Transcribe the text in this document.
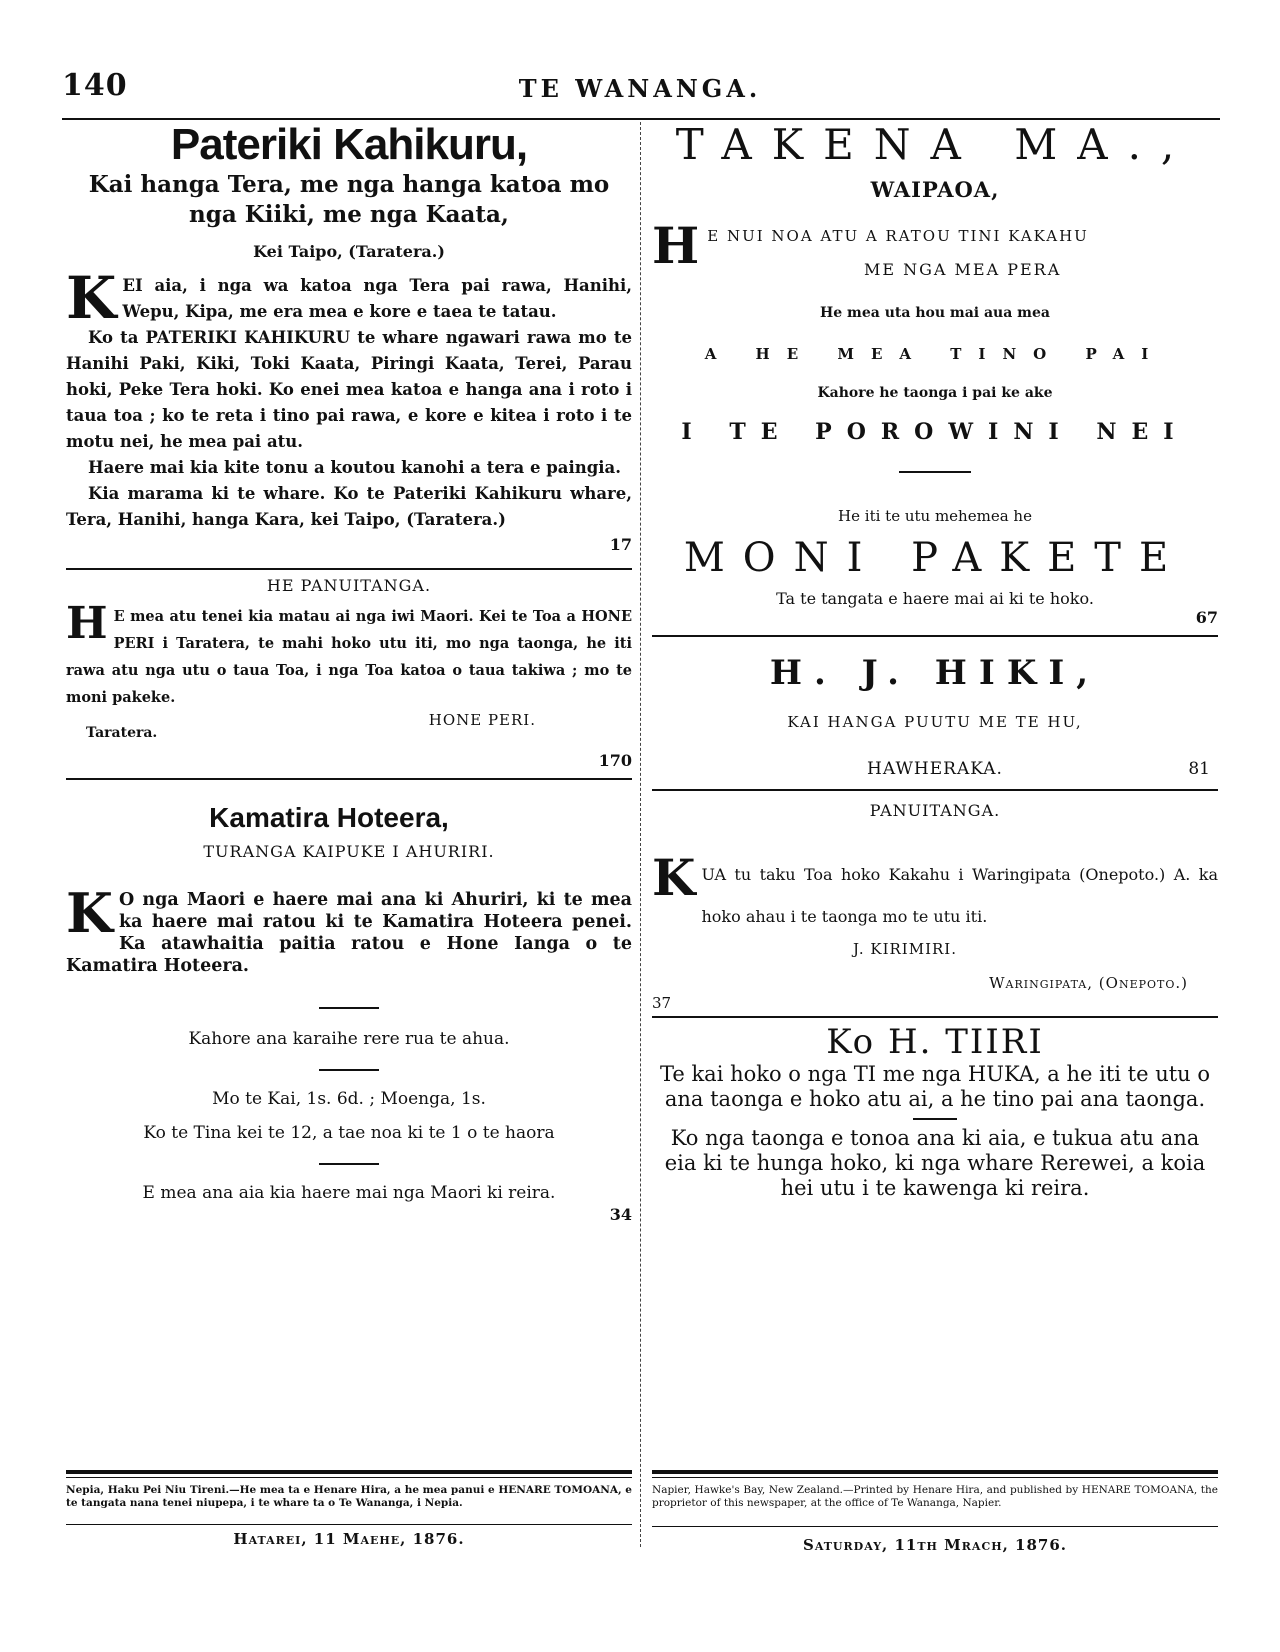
140	TE WANANGA.
Pateriki Kahikuru,
Kai hanga Tera, me nga hanga katoa mo nga Kiiki, me nga Kaata,
Kei Taipo, (Taratera.)
K EI aia, i nga wa katoa nga Tera pai rawa, Hanihi, Wepu, Kipa, me era mea e kore e taea te tatau.
Ko ta PATERIKI KAHIKURU te whare ngawari rawa mo te Hanihi Paki, Kiki, Toki Kaata, Piringi Kaata, Terei, Parau hoki, Peke Tera hoki. Ko enei mea katoa e hanga ana i roto i taua toa ; ko te reta i tino pai rawa, e kore e kitea i roto i te motu nei, he mea pai atu.
Haere mai kia kite tonu a koutou kanohi a tera e paingia.
Kia marama ki te whare. Ko te Pateriki Kahikuru whare, Tera, Hanihi, hanga Kara, kei Taipo, (Taratera.)
17
HE PANUITANGA.
H E mea atu tenei kia matau ai nga iwi Maori. Kei te Toa a HONE PERI i Taratera, te mahi hoko utu iti, mo nga taonga, he iti rawa atu nga utu o taua Toa, i nga Toa katoa o taua takiwa ; mo te moni pakeke.
HONE PERI.
Taratera.
170
Kamatira Hoteera,
TURANGA KAIPUKE I AHURIRI.
K O nga Maori e haere mai ana ki Ahuriri, ki te mea ka haere mai ratou ki te Kamatira Hoteera penei. Ka atawhaitia paitia ratou e Hone Ianga o te Kamatira Hoteera.
Kahore ana karaihe rere rua te ahua.
Mo te Kai, 1s. 6d. ; Moenga, 1s.
Ko te Tina kei te 12, a tae noa ki te 1 o te haora
E mea ana aia kia haere mai nga Maori ki reira.
34
Nepia, Haku Pei Niu Tireni.—He mea ta e Henare Hira, a he mea panui e HENARE TOMOANA, e te tangata nana tenei niupepa, i te whare ta o Te Wananga, i Nepia.
Hatarei, 11 Maehe, 1876.
TAKENA MA.,
WAIPAOA,
H E NUI NOA ATU A RATOU TINI KAKAHU
ME NGA MEA PERA
He mea uta hou mai aua mea
A HE MEA TINO PAI
Kahore he taonga i pai ke ake
I TE POROWINI NEI
He iti te utu mehemea he
MONI PAKETE
Ta te tangata e haere mai ai ki te hoko.
67
H. J. HIKI,
KAI HANGA PUUTU ME TE HU,
HAWHERAKA.	81
PANUITANGA.
K UA tu taku Toa hoko Kakahu i Waringipata (Onepoto.) A. ka hoko ahau i te taonga mo te utu iti.
J. KIRIMIRI.
Waringipata, (Onepoto.)
37
Ko H. TIIRI
Te kai hoko o nga TI me nga HUKA, a he iti te utu o ana taonga e hoko atu ai, a he tino pai ana taonga.
Ko nga taonga e tonoa ana ki aia, e tukua atu ana eia ki te hunga hoko, ki nga whare Rerewei, a koia hei utu i te kawenga ki reira.
Napier, Hawke's Bay, New Zealand.—Printed by Henare Hira, and published by HENARE TOMOANA, the proprietor of this newspaper, at the office of Te Wananga, Napier.
Saturday, 11th Mrach, 1876.
